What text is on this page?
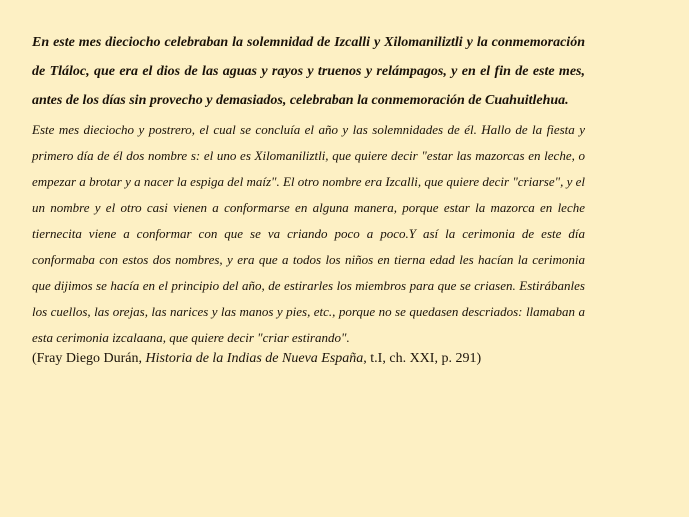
En este mes dieciocho celebraban la solemnidad de Izcalli y Xilomaniliztli y la conmemoración de Tláloc, que era el dios de las aguas y rayos y truenos y relámpagos, y en el fin de este mes, antes de los días sin provecho y demasiados, celebraban la conmemoración de Cuahuitlehua.

Este mes dieciocho y postrero, el cual se concluía el año y las solemnidades de él. Hallo de la fiesta y primero día de él dos nombre s: el uno es Xilomaniliztli, que quiere decir "estar las mazorcas en leche, o empezar a brotar y a nacer la espiga del maíz". El otro nombre era Izcalli, que quiere decir "criarse", y el un nombre y el otro casi vienen a conformarse en alguna manera, porque estar la mazorca en leche tiernecita viene a conformar con que se va criando poco a poco.Y así la cerimonia de este día conformaba con estos dos nombres, y era que a todos los niños en tierna edad les hacían la cerimonia que dijimos se hacía en el principio del año, de estirarles los miembros para que se criasen. Estirábanles los cuellos, las orejas, las narices y las manos y pies, etc., porque no se quedasen descriados: llamaban a esta cerimonia izcalaana, que quiere decir "criar estirando".

(Fray Diego Durán, Historia de la Indias de Nueva España, t.I, ch. XXI, p. 291)
